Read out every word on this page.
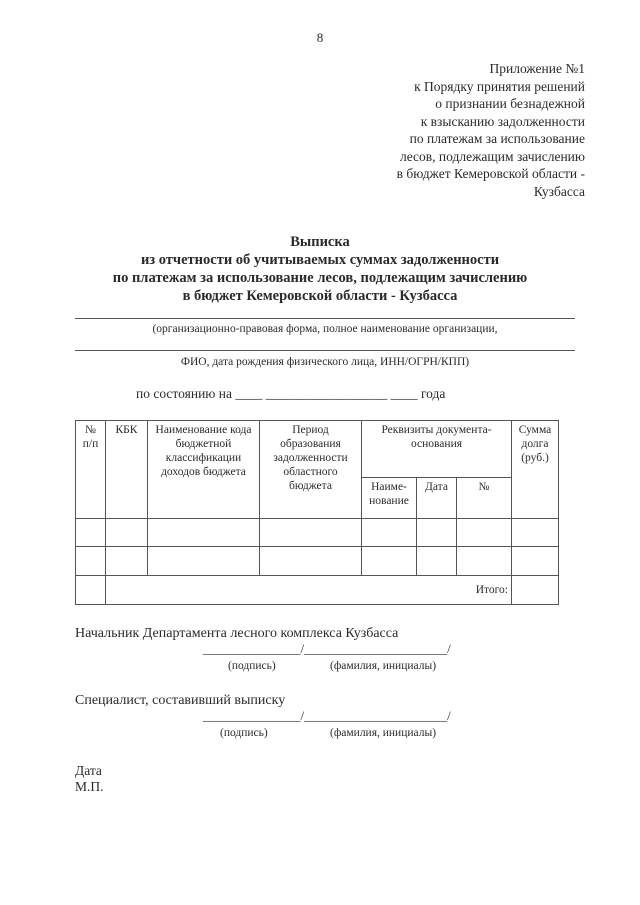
8
Приложение №1
к Порядку принятия решений
о признании безнадежной
к взысканию задолженности
по платежам за использование
лесов, подлежащим зачислению
в бюджет Кемеровской области -
Кузбасса
Выписка
из отчетности об учитываемых суммах задолженности
по платежам за использование лесов, подлежащим зачислению
в бюджет Кемеровской области - Кузбасса
(организационно-правовая форма, полное наименование организации,
ФИО, дата рождения физического лица, ИНН/ОГРН/КПП)
по состоянию на ____ __________________ ____ года
№ п/п	КБК	Наименование кода бюджетной классификации доходов бюджета	Период образования задолженности областного бюджета	Реквизиты документа-основания			Сумма долга (руб.)
				Наиме-нование	Дата	№	

	Итого:						
Начальник Департамента лесного комплекса Кузбасса
_______________/______________________/
(подпись)	(фамилия, инициалы)
Специалист, составивший выписку
_______________/______________________/
(подпись)	(фамилия, инициалы)
Дата
М.П.
